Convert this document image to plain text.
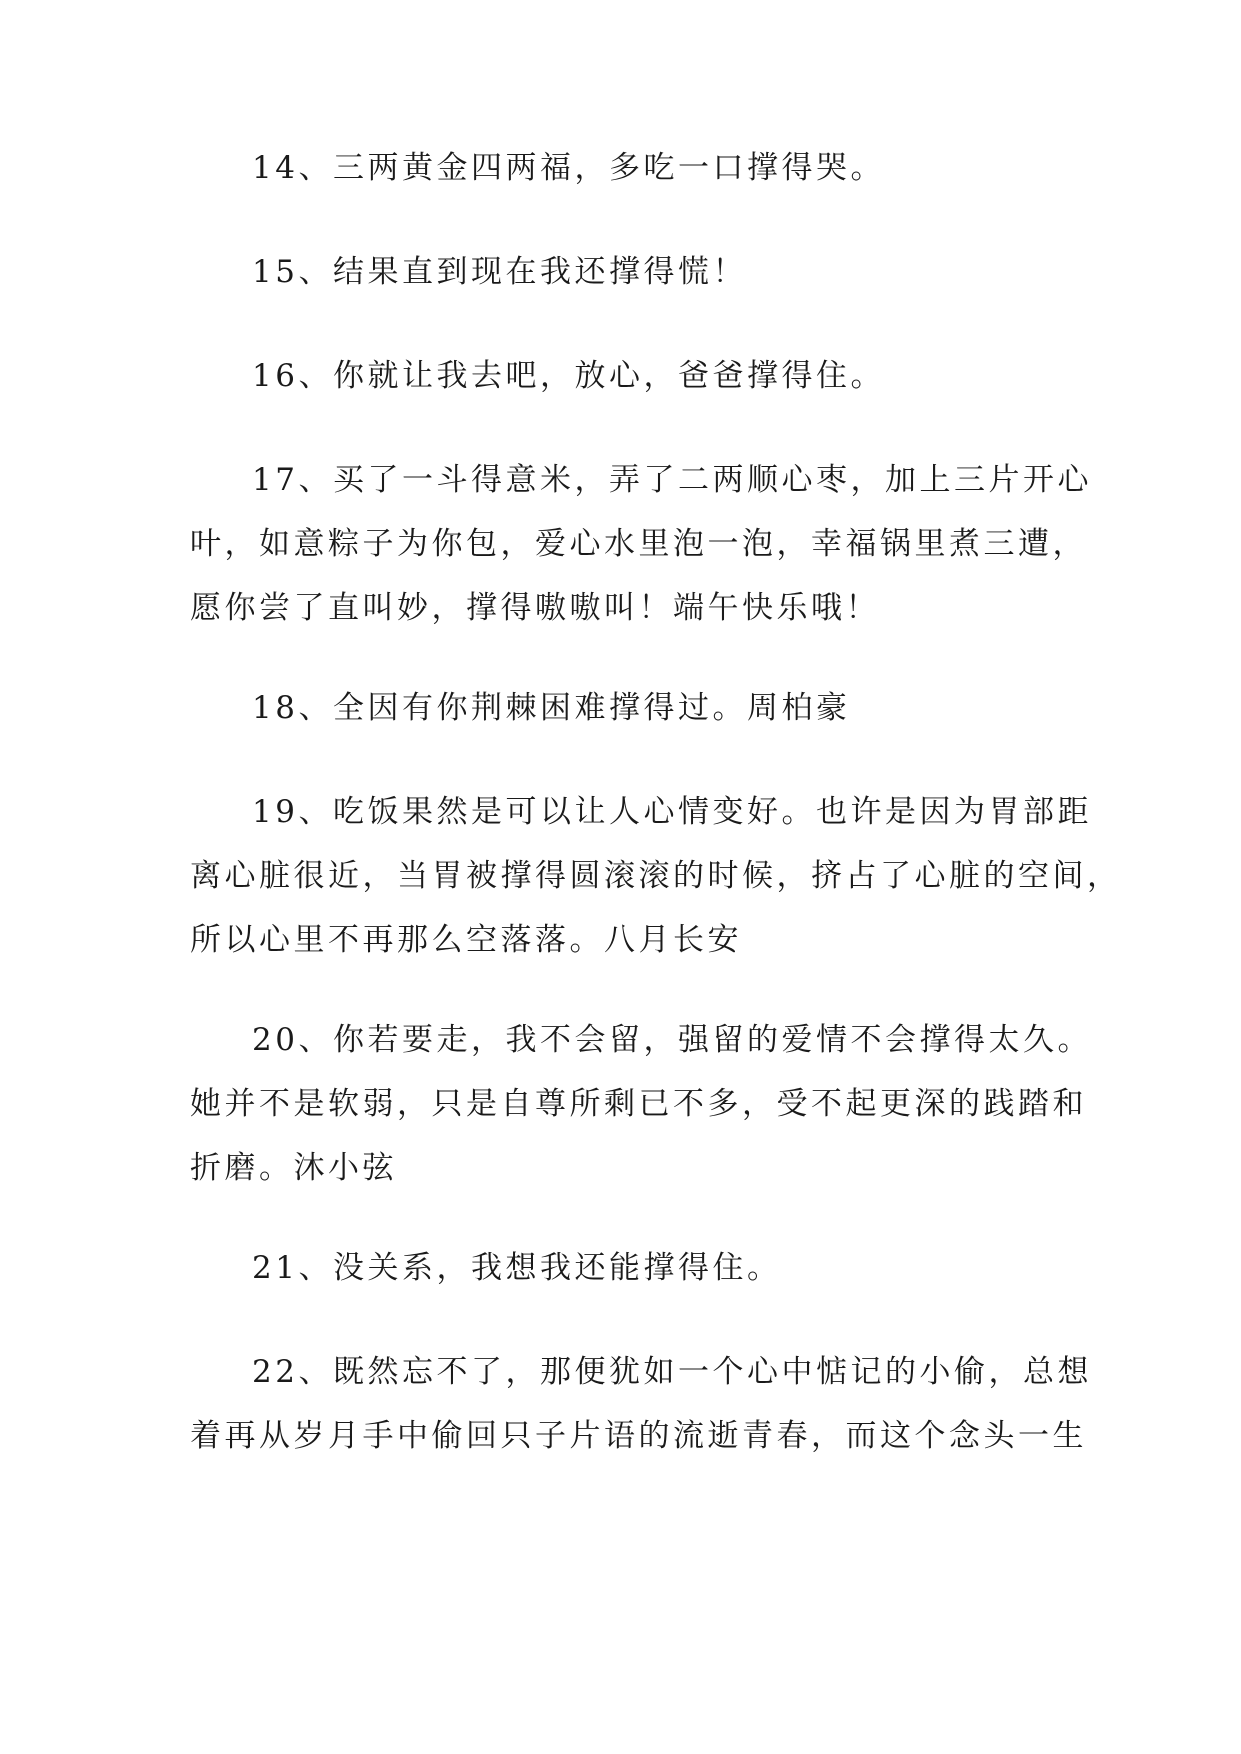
14、三两黄金四两福，多吃一口撑得哭。

15、结果直到现在我还撑得慌！

16、你就让我去吧，放心，爸爸撑得住。

17、买了一斗得意米，弄了二两顺心枣，加上三片开心
叶，如意粽子为你包，爱心水里泡一泡，幸福锅里煮三遭，
愿你尝了直叫妙，撑得嗷嗷叫！端午快乐哦！

18、全因有你荆棘困难撑得过。周柏豪

19、吃饭果然是可以让人心情变好。也许是因为胃部距
离心脏很近，当胃被撑得圆滚滚的时候，挤占了心脏的空间，
所以心里不再那么空落落。八月长安

20、你若要走，我不会留，强留的爱情不会撑得太久。
她并不是软弱，只是自尊所剩已不多，受不起更深的践踏和
折磨。沐小弦

21、没关系，我想我还能撑得住。

22、既然忘不了，那便犹如一个心中惦记的小偷，总想
着再从岁月手中偷回只子片语的流逝青春，而这个念头一生
